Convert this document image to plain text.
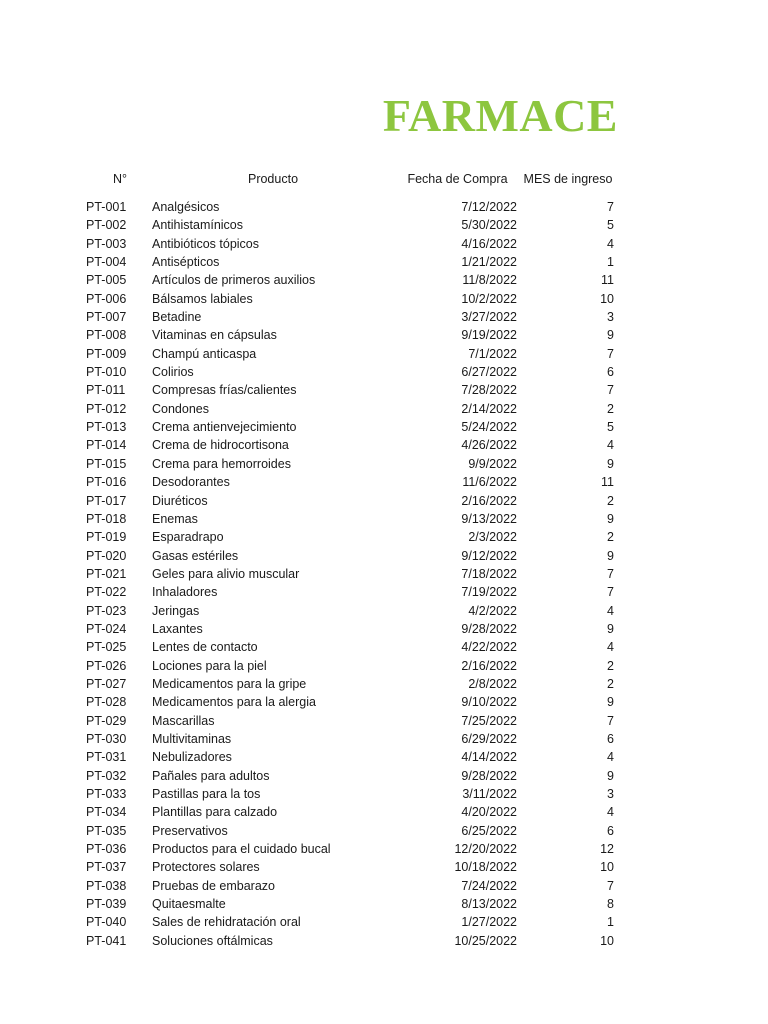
FARMACE
N°	Producto	Fecha de Compra	MES de ingreso
PT-001	Analgésicos	7/12/2022	7
PT-002	Antihistamínicos	5/30/2022	5
PT-003	Antibióticos tópicos	4/16/2022	4
PT-004	Antisépticos	1/21/2022	1
PT-005	Artículos de primeros auxilios	11/8/2022	11
PT-006	Bálsamos labiales	10/2/2022	10
PT-007	Betadine	3/27/2022	3
PT-008	Vitaminas en cápsulas	9/19/2022	9
PT-009	Champú anticaspa	7/1/2022	7
PT-010	Colirios	6/27/2022	6
PT-011	Compresas frías/calientes	7/28/2022	7
PT-012	Condones	2/14/2022	2
PT-013	Crema antienvejecimiento	5/24/2022	5
PT-014	Crema de hidrocortisona	4/26/2022	4
PT-015	Crema para hemorroides	9/9/2022	9
PT-016	Desodorantes	11/6/2022	11
PT-017	Diuréticos	2/16/2022	2
PT-018	Enemas	9/13/2022	9
PT-019	Esparadrapo	2/3/2022	2
PT-020	Gasas estériles	9/12/2022	9
PT-021	Geles para alivio muscular	7/18/2022	7
PT-022	Inhaladores	7/19/2022	7
PT-023	Jeringas	4/2/2022	4
PT-024	Laxantes	9/28/2022	9
PT-025	Lentes de contacto	4/22/2022	4
PT-026	Lociones para la piel	2/16/2022	2
PT-027	Medicamentos para la gripe	2/8/2022	2
PT-028	Medicamentos para la alergia	9/10/2022	9
PT-029	Mascarillas	7/25/2022	7
PT-030	Multivitaminas	6/29/2022	6
PT-031	Nebulizadores	4/14/2022	4
PT-032	Pañales para adultos	9/28/2022	9
PT-033	Pastillas para la tos	3/11/2022	3
PT-034	Plantillas para calzado	4/20/2022	4
PT-035	Preservativos	6/25/2022	6
PT-036	Productos para el cuidado bucal	12/20/2022	12
PT-037	Protectores solares	10/18/2022	10
PT-038	Pruebas de embarazo	7/24/2022	7
PT-039	Quitaesmalte	8/13/2022	8
PT-040	Sales de rehidratación oral	1/27/2022	1
PT-041	Soluciones oftálmicas	10/25/2022	10
